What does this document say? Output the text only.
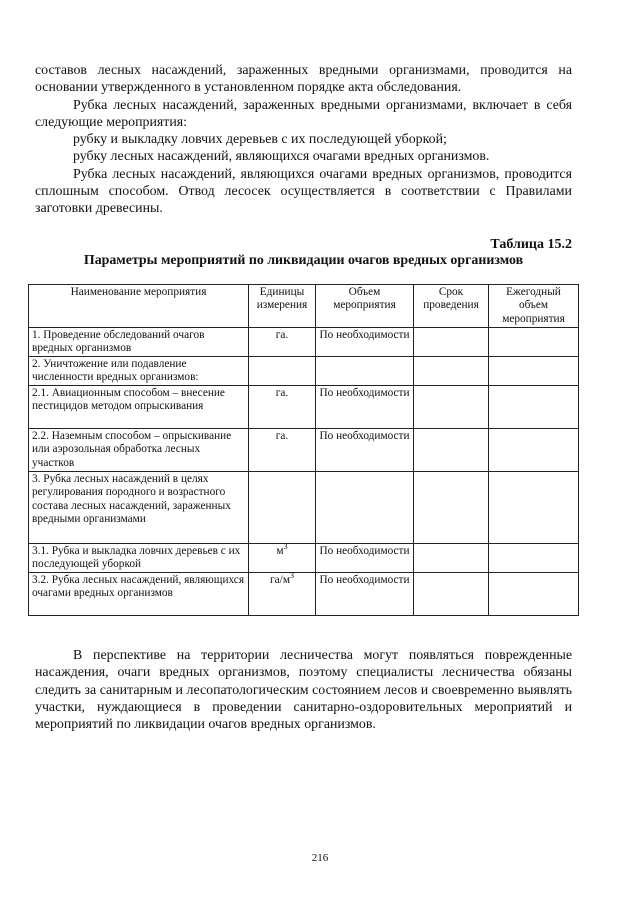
составов лесных насаждений, зараженных вредными организмами, проводится на основании утвержденного в установленном порядке акта обследования.

Рубка лесных насаждений, зараженных вредными организмами, включает в себя следующие мероприятия:

рубку и выкладку ловчих деревьев с их последующей уборкой;

рубку лесных насаждений, являющихся очагами вредных организмов.

Рубка лесных насаждений, являющихся очагами вредных организмов, проводится сплошным способом. Отвод лесосек осуществляется в соответствии с Правилами заготовки древесины.

Таблица 15.2
Параметры мероприятий по ликвидации очагов вредных организмов
Наименование мероприятия	Единицы измерения	Объем мероприятия	Срок проведения	Ежегодный объем мероприятия
1. Проведение обследований очагов вредных организмов	га.	По необходимости		
2. Уничтожение или подавление численности вредных организмов:				
2.1. Авиационным способом – внесение пестицидов методом опрыскивания	га.	По необходимости		
2.2. Наземным способом – опрыскивание или аэрозольная обработка лесных участков	га.	По необходимости		
3. Рубка лесных насаждений в целях регулирования породного и возрастного состава лесных насаждений, зараженных вредными организмами				
3.1. Рубка и выкладка ловчих деревьев с их последующей уборкой	$м^3$	По необходимости		
3.2. Рубка лесных насаждений, являющихся очагами вредных организмов	$га/м^3$	По необходимости		

В перспективе на территории лесничества могут появляться поврежденные насаждения, очаги вредных организмов, поэтому специалисты лесничества обязаны следить за санитарным и лесопатологическим состоянием лесов и своевременно выявлять участки, нуждающиеся в проведении санитарно-оздоровительных мероприятий и мероприятий по ликвидации очагов вредных организмов.

216
